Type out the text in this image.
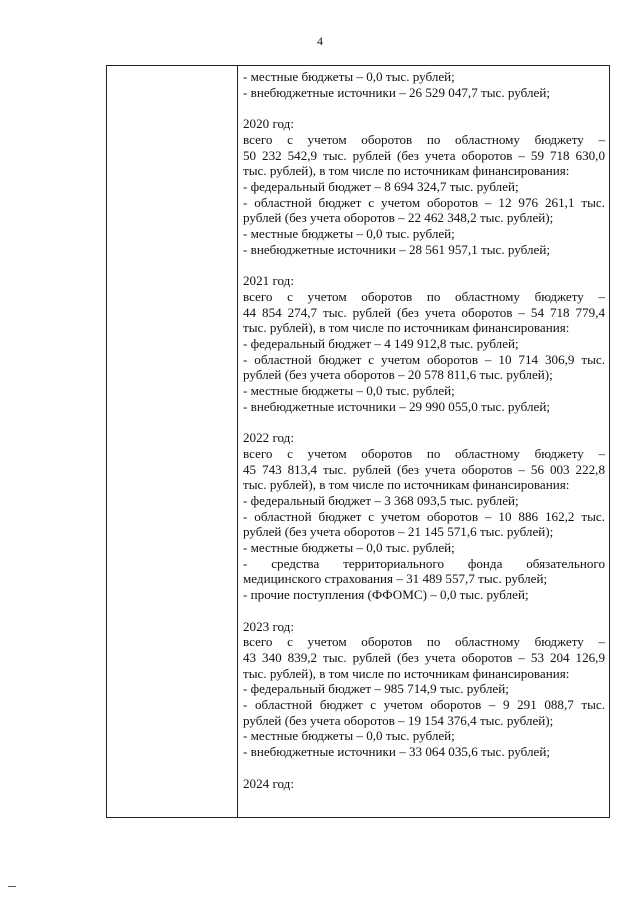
4
- местные бюджеты – 0,0 тыс. рублей;
- внебюджетные источники – 26 529 047,7 тыс. рублей;
2020 год:
всего с учетом оборотов по областному бюджету –
50 232 542,9 тыс. рублей (без учета оборотов – 59 718 630,0
тыс. рублей), в том числе по источникам финансирования:
- федеральный бюджет – 8 694 324,7 тыс. рублей;
- областной бюджет с учетом оборотов – 12 976 261,1 тыс.
рублей (без учета оборотов – 22 462 348,2 тыс. рублей);
- местные бюджеты – 0,0 тыс. рублей;
- внебюджетные источники – 28 561 957,1 тыс. рублей;
2021 год:
всего с учетом оборотов по областному бюджету –
44 854 274,7 тыс. рублей (без учета оборотов – 54 718 779,4
тыс. рублей), в том числе по источникам финансирования:
- федеральный бюджет – 4 149 912,8 тыс. рублей;
- областной бюджет с учетом оборотов – 10 714 306,9 тыс.
рублей (без учета оборотов – 20 578 811,6 тыс. рублей);
- местные бюджеты – 0,0 тыс. рублей;
- внебюджетные источники – 29 990 055,0 тыс. рублей;
2022 год:
всего с учетом оборотов по областному бюджету –
45 743 813,4 тыс. рублей (без учета оборотов – 56 003 222,8
тыс. рублей), в том числе по источникам финансирования:
- федеральный бюджет – 3 368 093,5 тыс. рублей;
- областной бюджет с учетом оборотов – 10 886 162,2 тыс.
рублей (без учета оборотов – 21 145 571,6 тыс. рублей);
- местные бюджеты – 0,0 тыс. рублей;
- средства территориального фонда обязательного
медицинского страхования – 31 489 557,7 тыс. рублей;
- прочие поступления (ФФОМС) – 0,0 тыс. рублей;
2023 год:
всего с учетом оборотов по областному бюджету –
43 340 839,2 тыс. рублей (без учета оборотов – 53 204 126,9
тыс. рублей), в том числе по источникам финансирования:
- федеральный бюджет – 985 714,9 тыс. рублей;
- областной бюджет с учетом оборотов – 9 291 088,7 тыс.
рублей (без учета оборотов – 19 154 376,4 тыс. рублей);
- местные бюджеты – 0,0 тыс. рублей;
- внебюджетные источники – 33 064 035,6 тыс. рублей;
2024 год:
